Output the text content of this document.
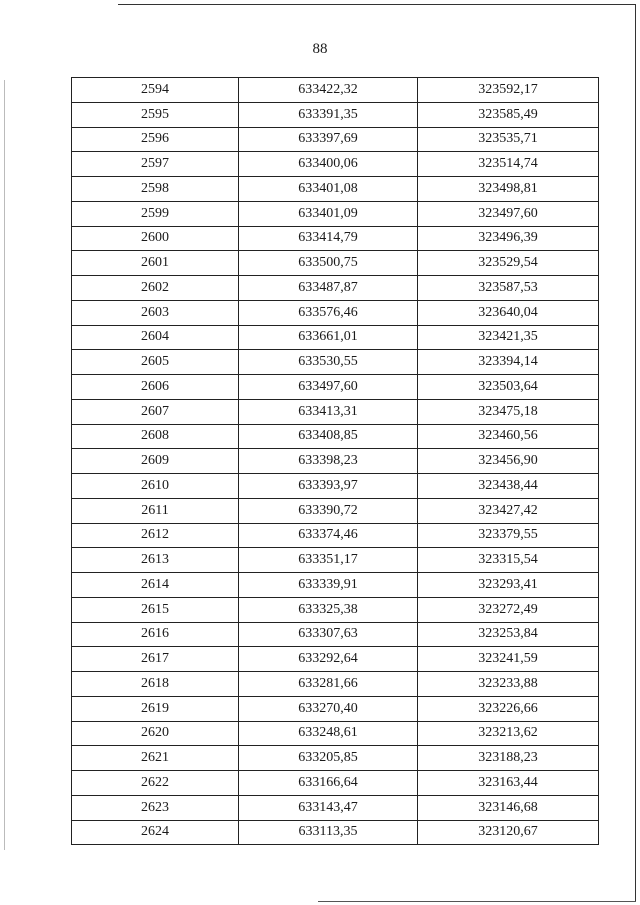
88
2594	633422,32	323592,17
2595	633391,35	323585,49
2596	633397,69	323535,71
2597	633400,06	323514,74
2598	633401,08	323498,81
2599	633401,09	323497,60
2600	633414,79	323496,39
2601	633500,75	323529,54
2602	633487,87	323587,53
2603	633576,46	323640,04
2604	633661,01	323421,35
2605	633530,55	323394,14
2606	633497,60	323503,64
2607	633413,31	323475,18
2608	633408,85	323460,56
2609	633398,23	323456,90
2610	633393,97	323438,44
2611	633390,72	323427,42
2612	633374,46	323379,55
2613	633351,17	323315,54
2614	633339,91	323293,41
2615	633325,38	323272,49
2616	633307,63	323253,84
2617	633292,64	323241,59
2618	633281,66	323233,88
2619	633270,40	323226,66
2620	633248,61	323213,62
2621	633205,85	323188,23
2622	633166,64	323163,44
2623	633143,47	323146,68
2624	633113,35	323120,67
